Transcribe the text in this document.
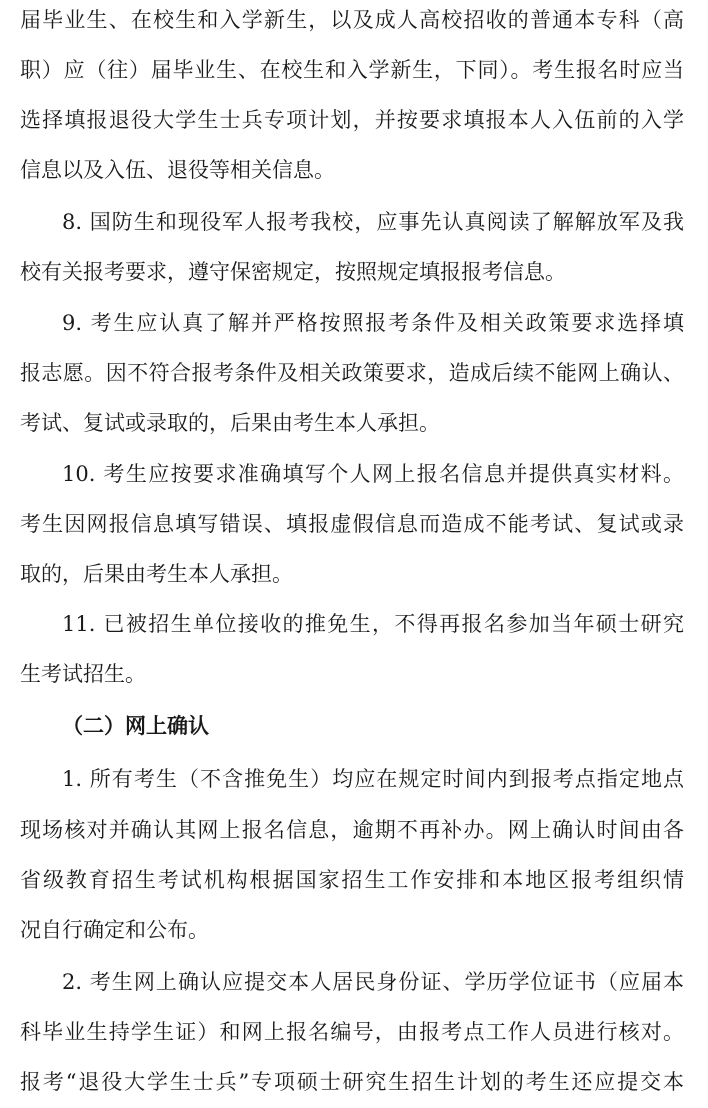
届毕业生、在校生和入学新生，以及成人高校招收的普通本专科（高
职）应（往）届毕业生、在校生和入学新生，下同）。考生报名时应当
选择填报退役大学生士兵专项计划，并按要求填报本人入伍前的入学
信息以及入伍、退役等相关信息。
8. 国防生和现役军人报考我校，应事先认真阅读了解解放军及我
校有关报考要求，遵守保密规定，按照规定填报报考信息。
9. 考生应认真了解并严格按照报考条件及相关政策要求选择填
报志愿。因不符合报考条件及相关政策要求，造成后续不能网上确认、
考试、复试或录取的，后果由考生本人承担。
10. 考生应按要求准确填写个人网上报名信息并提供真实材料。
考生因网报信息填写错误、填报虚假信息而造成不能考试、复试或录
取的，后果由考生本人承担。
11. 已被招生单位接收的推免生，不得再报名参加当年硕士研究
生考试招生。
（二）网上确认
1. 所有考生（不含推免生）均应在规定时间内到报考点指定地点
现场核对并确认其网上报名信息，逾期不再补办。网上确认时间由各
省级教育招生考试机构根据国家招生工作安排和本地区报考组织情
况自行确定和公布。
2. 考生网上确认应提交本人居民身份证、学历学位证书（应届本
科毕业生持学生证）和网上报名编号，由报考点工作人员进行核对。
报考“退役大学生士兵”专项硕士研究生招生计划的考生还应提交本
